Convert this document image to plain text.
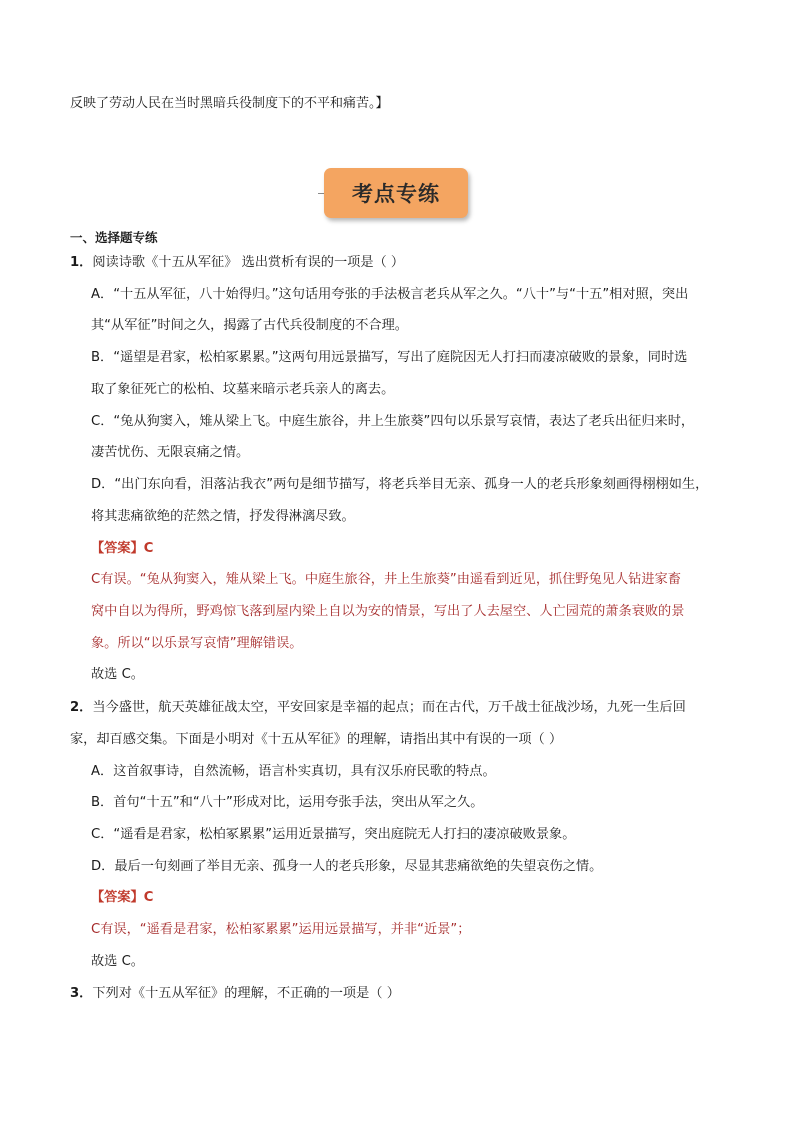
反映了劳动人民在当时黑暗兵役制度下的不平和痛苦。】
考点专练
一、选择题专练
1．阅读诗歌《十五从军征》 选出赏析有误的一项是（ ）
A．“十五从军征，八十始得归。”这句话用夸张的手法极言老兵从军之久。“八十”与“十五”相对照，突出
其“从军征”时间之久，揭露了古代兵役制度的不合理。
B．“遥望是君家，松柏冢累累。”这两句用远景描写，写出了庭院因无人打扫而凄凉破败的景象，同时选
取了象征死亡的松柏、坟墓来暗示老兵亲人的离去。
C．“兔从狗窦入，雉从梁上飞。中庭生旅谷，井上生旅葵”四句以乐景写哀情，表达了老兵出征归来时，
凄苦忧伤、无限哀痛之情。
D．“出门东向看，泪落沾我衣”两句是细节描写，将老兵举目无亲、孤身一人的老兵形象刻画得栩栩如生，
将其悲痛欲绝的茫然之情，抒发得淋漓尽致。
【答案】C
C有误。“兔从狗窦入，雉从梁上飞。中庭生旅谷，井上生旅葵”由遥看到近见，抓住野兔见人钻进家畜
窝中自以为得所，野鸡惊飞落到屋内梁上自以为安的情景，写出了人去屋空、人亡园荒的萧条衰败的景
象。所以“以乐景写哀情”理解错误。
故选 C。
2．当今盛世，航天英雄征战太空，平安回家是幸福的起点；而在古代，万千战士征战沙场，九死一生后回
家，却百感交集。下面是小明对《十五从军征》的理解，请指出其中有误的一项（ ）
A．这首叙事诗，自然流畅，语言朴实真切，具有汉乐府民歌的特点。
B．首句“十五”和“八十”形成对比，运用夸张手法，突出从军之久。
C．“遥看是君家，松柏冢累累”运用近景描写，突出庭院无人打扫的凄凉破败景象。
D．最后一句刻画了举目无亲、孤身一人的老兵形象，尽显其悲痛欲绝的失望哀伤之情。
【答案】C
C有误，“遥看是君家，松柏冢累累”运用远景描写，并非“近景”；
故选 C。
3．下列对《十五从军征》的理解，不正确的一项是（ ）
